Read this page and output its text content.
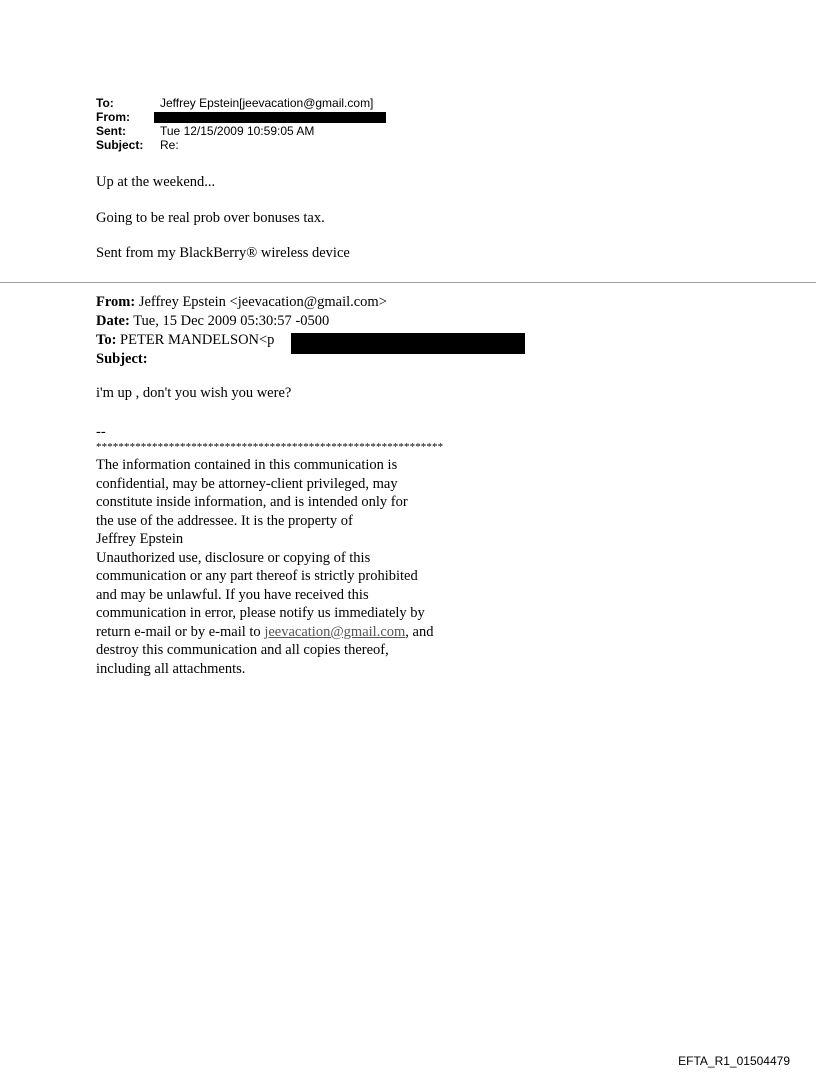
To:	Jeffrey Epstein[jeevacation@gmail.com]
From:
Sent:	Tue 12/15/2009 10:59:05 AM
Subject:	Re:
Up at the weekend...
Going to be real prob over bonuses tax.
Sent from my BlackBerry® wireless device
From: Jeffrey Epstein <jeevacation@gmail.com>
Date: Tue, 15 Dec 2009 05:30:57 -0500
To: PETER MANDELSON<p
Subject:
i'm up , don't you wish you were?
--
**************************************************************
The information contained in this communication is
confidential, may be attorney-client privileged, may
constitute inside information, and is intended only for
the use of the addressee. It is the property of
Jeffrey Epstein
Unauthorized use, disclosure or copying of this
communication or any part thereof is strictly prohibited
and may be unlawful. If you have received this
communication in error, please notify us immediately by
return e-mail or by e-mail to jeevacation@gmail.com, and
destroy this communication and all copies thereof,
including all attachments.
EFTA_R1_01504479
